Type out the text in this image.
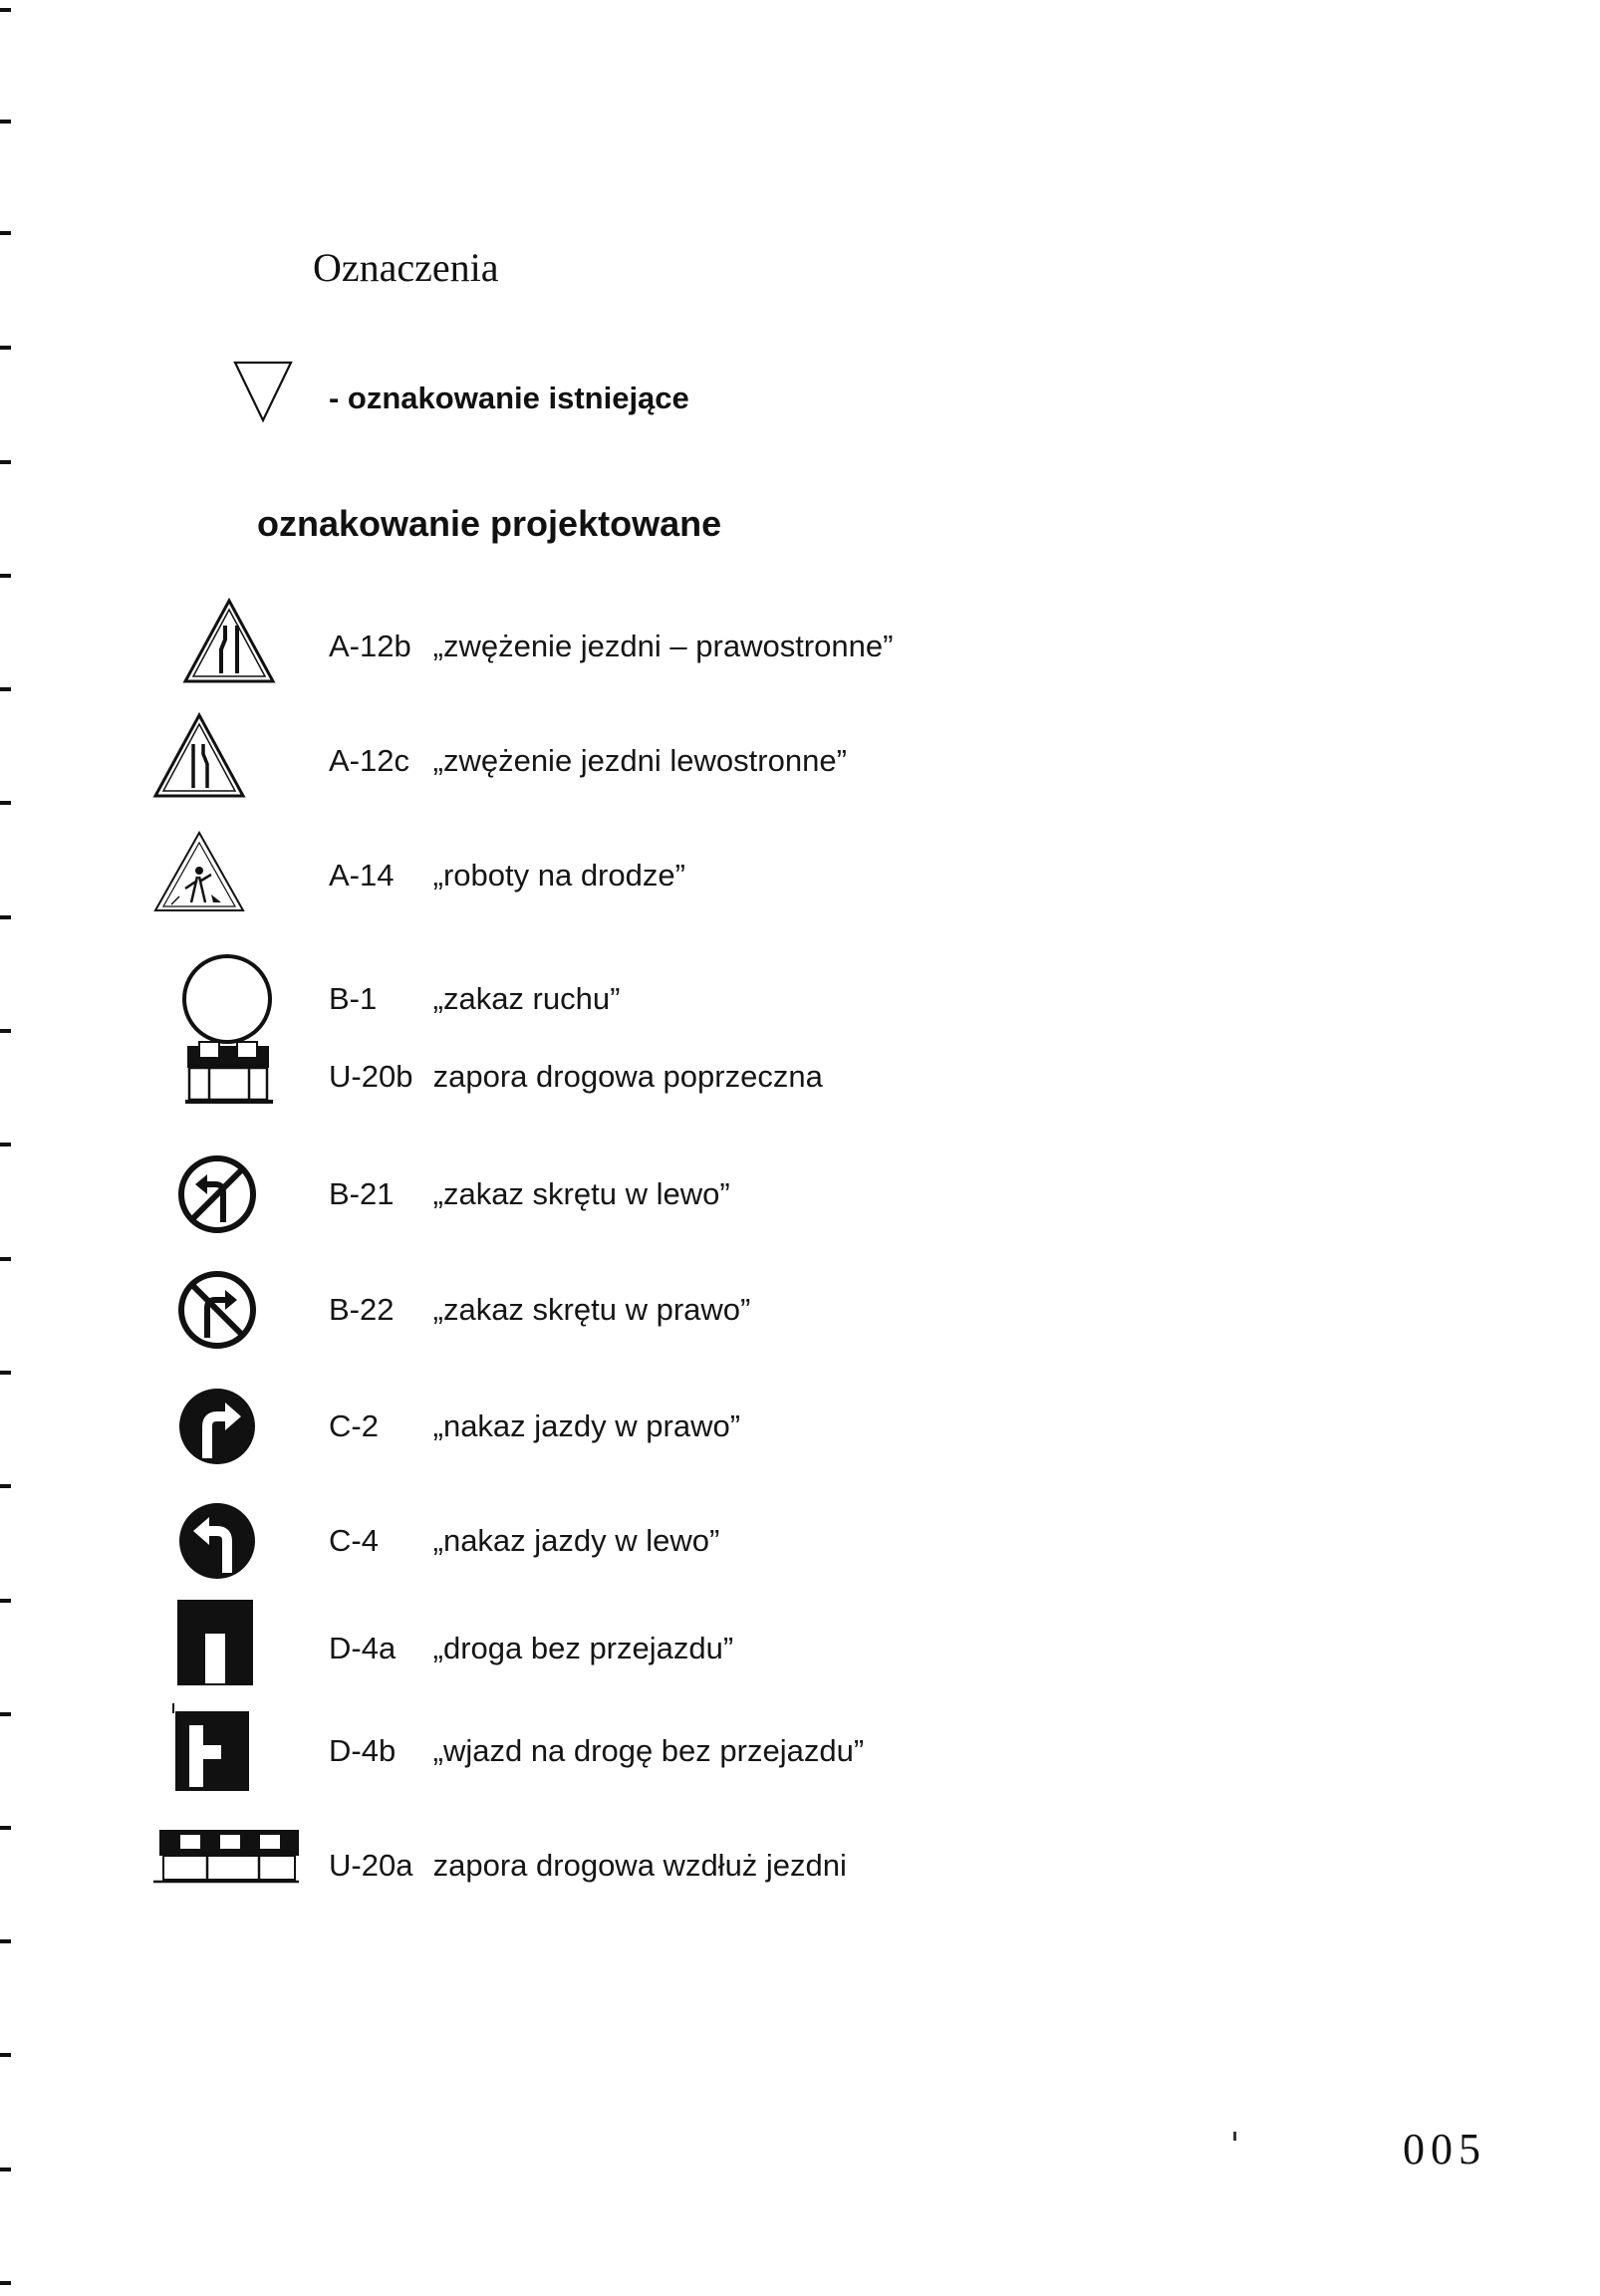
Oznaczenia
- oznakowanie istniejące
oznakowanie projektowane
A-12b „zwężenie jezdni – prawostronne”
A-12c „zwężenie jezdni lewostronne”
A-14 „roboty na drodze”
B-1 „zakaz ruchu”
U-20b zapora drogowa poprzeczna
B-21 „zakaz skrętu w lewo”
B-22 „zakaz skrętu w prawo”
C-2 „nakaz jazdy w prawo”
C-4 „nakaz jazdy w lewo”
D-4a „droga bez przejazdu”
D-4b „wjazd na drogę bez przejazdu”
U-20a zapora drogowa wzdłuż jezdni
005
